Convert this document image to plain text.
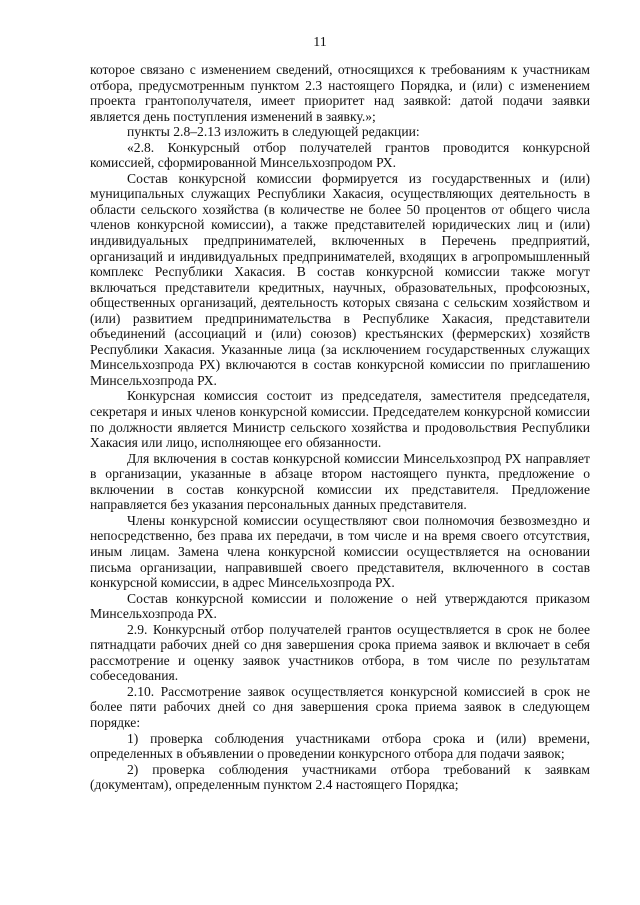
11

которое связано с изменением сведений, относящихся к требованиям к участникам отбора, предусмотренным пунктом 2.3 настоящего Порядка, и (или) с изменением проекта грантополучателя, имеет приоритет над заявкой: датой подачи заявки является день поступления изменений в заявку.»;

пункты 2.8–2.13 изложить в следующей редакции:

«2.8. Конкурсный отбор получателей грантов проводится конкурсной комиссией, сформированной Минсельхозпродом РХ.

Состав конкурсной комиссии формируется из государственных и (или) муниципальных служащих Республики Хакасия, осуществляющих деятельность в области сельского хозяйства (в количестве не более 50 процентов от общего числа членов конкурсной комиссии), а также представителей юридических лиц и (или) индивидуальных предпринимателей, включенных в Перечень предприятий, организаций и индивидуальных предпринимателей, входящих в агропромышленный комплекс Республики Хакасия. В состав конкурсной комиссии также могут включаться представители кредитных, научных, образовательных, профсоюзных, общественных организаций, деятельность которых связана с сельским хозяйством и (или) развитием предпринимательства в Республике Хакасия, представители объединений (ассоциаций и (или) союзов) крестьянских (фермерских) хозяйств Республики Хакасия. Указанные лица (за исключением государственных служащих Минсельхозпрода РХ) включаются в состав конкурсной комиссии по приглашению Минсельхозпрода РХ.

Конкурсная комиссия состоит из председателя, заместителя председателя, секретаря и иных членов конкурсной комиссии. Председателем конкурсной комиссии по должности является Министр сельского хозяйства и продовольствия Республики Хакасия или лицо, исполняющее его обязанности.

Для включения в состав конкурсной комиссии Минсельхозпрод РХ направляет в организации, указанные в абзаце втором настоящего пункта, предложение о включении в состав конкурсной комиссии их представителя. Предложение направляется без указания персональных данных представителя.

Члены конкурсной комиссии осуществляют свои полномочия безвозмездно и непосредственно, без права их передачи, в том числе и на время своего отсутствия, иным лицам. Замена члена конкурсной комиссии осуществляется на основании письма организации, направившей своего представителя, включенного в состав конкурсной комиссии, в адрес Минсельхозпрода РХ.

Состав конкурсной комиссии и положение о ней утверждаются приказом Минсельхозпрода РХ.

2.9. Конкурсный отбор получателей грантов осуществляется в срок не более пятнадцати рабочих дней со дня завершения срока приема заявок и включает в себя рассмотрение и оценку заявок участников отбора, в том числе по результатам собеседования.

2.10. Рассмотрение заявок осуществляется конкурсной комиссией в срок не более пяти рабочих дней со дня завершения срока приема заявок в следующем порядке:

1) проверка соблюдения участниками отбора срока и (или) времени, определенных в объявлении о проведении конкурсного отбора для подачи заявок;

2) проверка соблюдения участниками отбора требований к заявкам (документам), определенным пунктом 2.4 настоящего Порядка;
